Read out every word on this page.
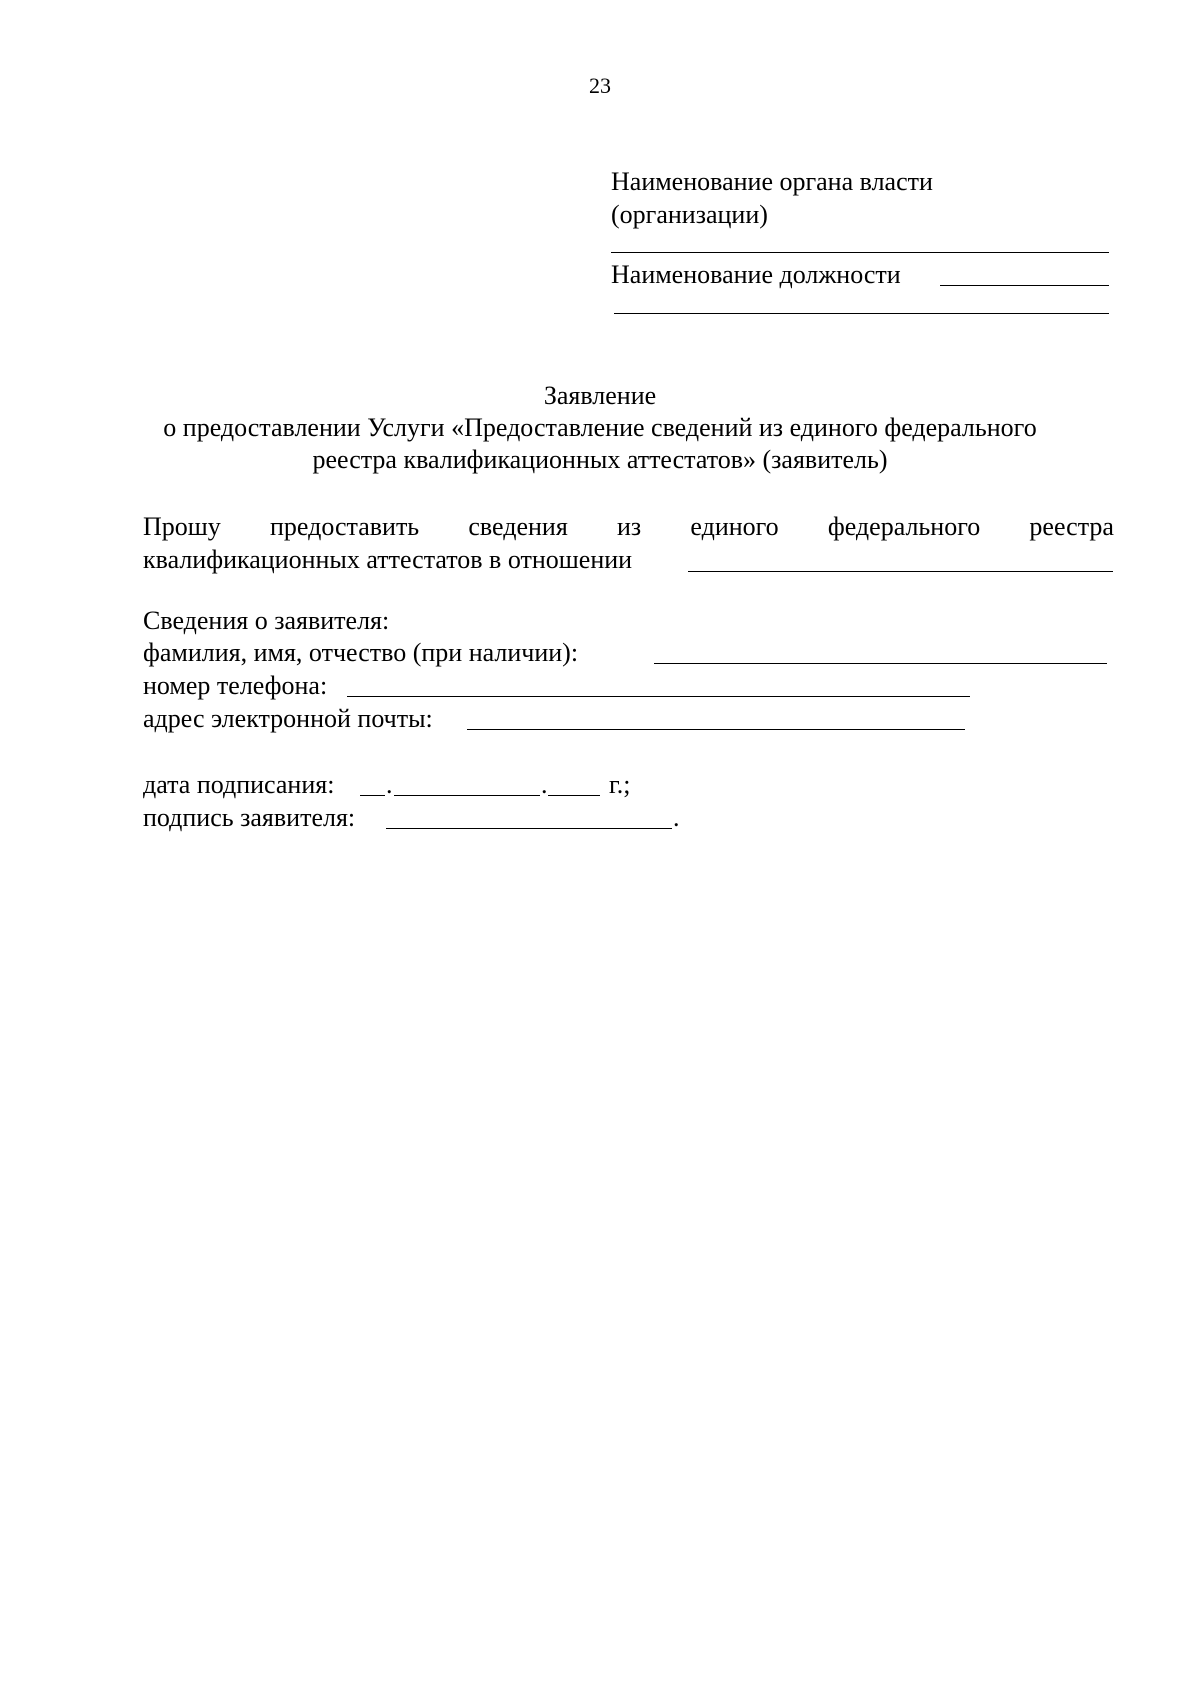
23
Наименование органа власти
(организации)
Наименование должности
Заявление
о предоставлении Услуги «Предоставление сведений из единого федерального
реестра квалификационных аттестатов» (заявитель)
Прошу предоставить сведения из единого федерального реестра
квалификационных аттестатов в отношении
Сведения о заявителя:
фамилия, имя, отчество (при наличии):
номер телефона:
адрес электронной почты:
дата подписания: .	. г.;
подпись заявителя:	.
